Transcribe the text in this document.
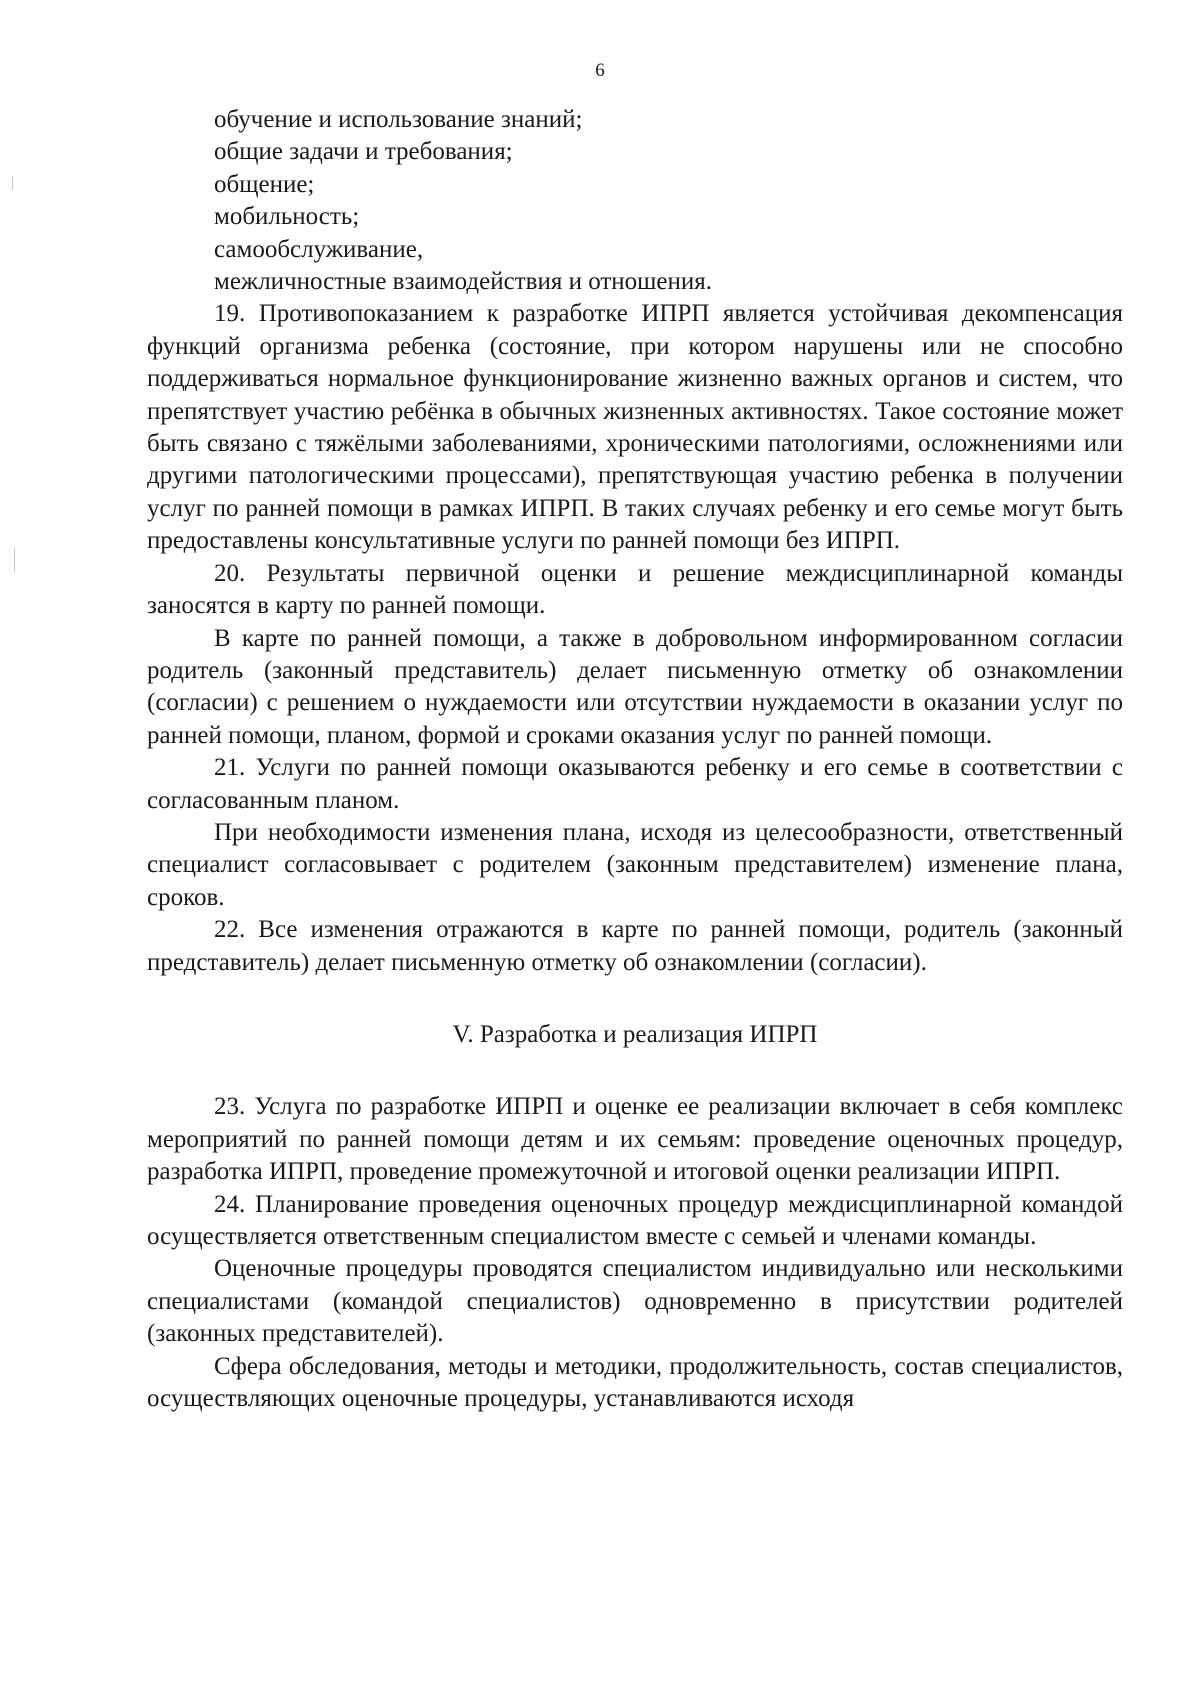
6

обучение и использование знаний;

общие задачи и требования;

общение;

мобильность;

самообслуживание,

межличностные взаимодействия и отношения.

19. Противопоказанием к разработке ИПРП является устойчивая декомпенсация функций организма ребенка (состояние, при котором нарушены или не способно поддерживаться нормальное функционирование жизненно важных органов и систем, что препятствует участию ребёнка в обычных жизненных активностях. Такое состояние может быть связано с тяжёлыми заболеваниями, хроническими патологиями, осложнениями или другими патологическими процессами), препятствующая участию ребенка в получении услуг по ранней помощи в рамках ИПРП. В таких случаях ребенку и его семье могут быть предоставлены консультативные услуги по ранней помощи без ИПРП.

20. Результаты первичной оценки и решение междисциплинарной команды заносятся в карту по ранней помощи.

В карте по ранней помощи, а также в добровольном информированном согласии родитель (законный представитель) делает письменную отметку об ознакомлении (согласии) с решением о нуждаемости или отсутствии нуждаемости в оказании услуг по ранней помощи, планом, формой и сроками оказания услуг по ранней помощи.

21. Услуги по ранней помощи оказываются ребенку и его семье в соответствии с согласованным планом.

При необходимости изменения плана, исходя из целесообразности, ответственный специалист согласовывает с родителем (законным представителем) изменение плана, сроков.

22. Все изменения отражаются в карте по ранней помощи, родитель (законный представитель) делает письменную отметку об ознакомлении (согласии).

V. Разработка и реализация ИПРП

23. Услуга по разработке ИПРП и оценке ее реализации включает в себя комплекс мероприятий по ранней помощи детям и их семьям: проведение оценочных процедур, разработка ИПРП, проведение промежуточной и итоговой оценки реализации ИПРП.

24. Планирование проведения оценочных процедур междисциплинарной командой осуществляется ответственным специалистом вместе с семьей и членами команды.

Оценочные процедуры проводятся специалистом индивидуально или несколькими специалистами (командой специалистов) одновременно в присутствии родителей (законных представителей).

Сфера обследования, методы и методики, продолжительность, состав специалистов, осуществляющих оценочные процедуры, устанавливаются исходя
